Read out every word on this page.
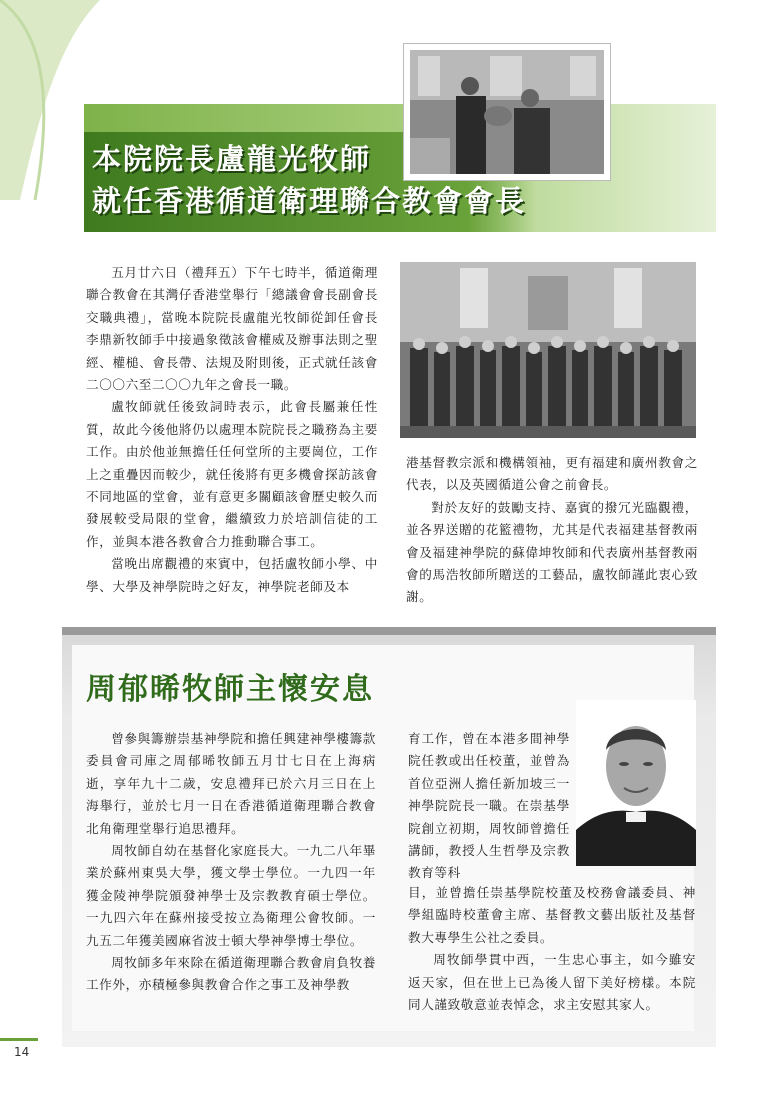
本院院長盧龍光牧師
就任香港循道衛理聯合教會會長

五月廿六日（禮拜五）下午七時半，循道衛理聯合教會在其灣仔香港堂舉行「總議會會長副會長交職典禮」，當晚本院院長盧龍光牧師從卸任會長李鼎新牧師手中接過象徵該會權威及辦事法則之聖經、權槌、會長帶、法規及附則後，正式就任該會二〇〇六至二〇〇九年之會長一職。

盧牧師就任後致詞時表示，此會長屬兼任性質，故此今後他將仍以處理本院院長之職務為主要工作。由於他並無擔任任何堂所的主要崗位，工作上之重疊因而較少，就任後將有更多機會探訪該會不同地區的堂會，並有意更多關顧該會歷史較久而發展較受局限的堂會，繼續致力於培訓信徒的工作，並與本港各教會合力推動聯合事工。

當晚出席觀禮的來賓中，包括盧牧師小學、中學、大學及神學院時之好友，神學院老師及本

港基督教宗派和機構領袖，更有福建和廣州教會之代表，以及英國循道公會之前會長。

對於友好的鼓勵支持、嘉賓的撥冗光臨觀禮，並各界送贈的花籃禮物，尤其是代表福建基督教兩會及福建神學院的蘇偉坤牧師和代表廣州基督教兩會的馬浩牧師所贈送的工藝品，盧牧師謹此衷心致謝。

周郁晞牧師主懷安息

曾參與籌辦崇基神學院和擔任興建神學樓籌款委員會司庫之周郁晞牧師五月廿七日在上海病逝，享年九十二歲，安息禮拜已於六月三日在上海舉行，並於七月一日在香港循道衛理聯合教會北角衛理堂舉行追思禮拜。

周牧師自幼在基督化家庭長大。一九二八年畢業於蘇州東吳大學，獲文學士學位。一九四一年獲金陵神學院頒發神學士及宗教教育碩士學位。一九四六年在蘇州接受按立為衛理公會牧師。一九五二年獲美國麻省波士頓大學神學博士學位。

周牧師多年來除在循道衛理聯合教會肩負牧養工作外，亦積極參與教會合作之事工及神學教

育工作，曾在本港多間神學院任教或出任校董，並曾為首位亞洲人擔任新加坡三一神學院院長一職。在崇基學院創立初期，周牧師曾擔任講師，教授人生哲學及宗教教育等科

目，並曾擔任崇基學院校董及校務會議委員、神學組臨時校董會主席、基督教文藝出版社及基督教大專學生公社之委員。

周牧師學貫中西，一生忠心事主，如今雖安返天家，但在世上已為後人留下美好榜樣。本院同人謹致敬意並表悼念，求主安慰其家人。

14
